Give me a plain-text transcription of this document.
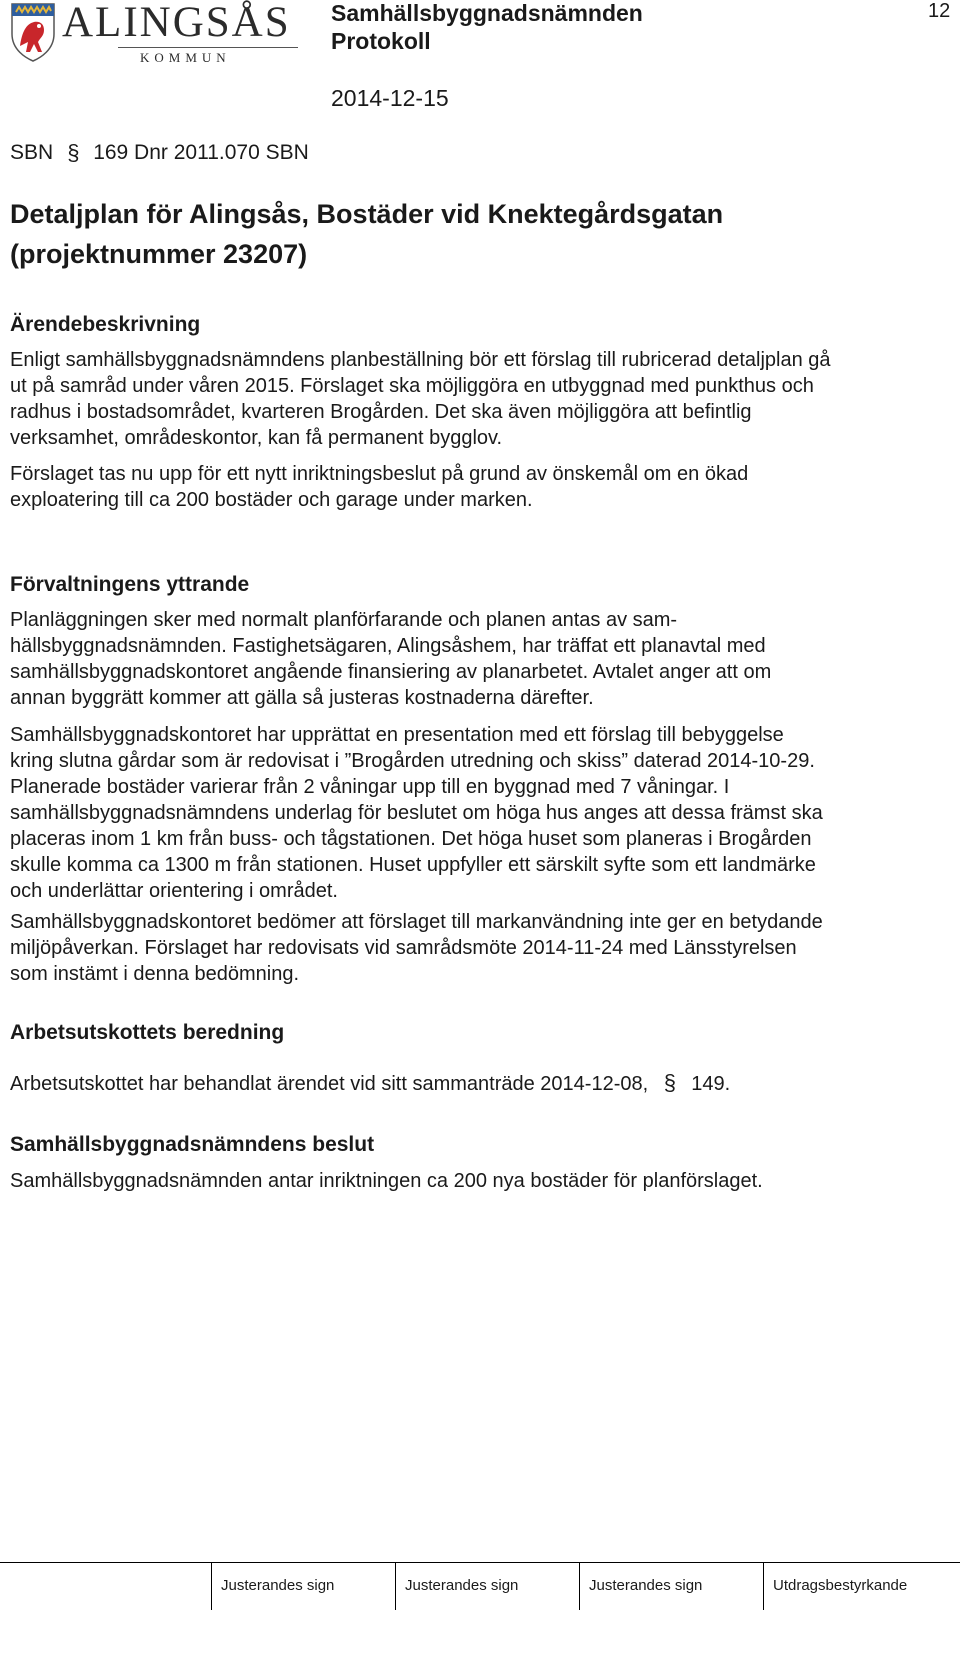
ALINGSÅS
KOMMUN
Samhällsbyggnadsnämnden
Protokoll
2014-12-15
12
SBN § 169 Dnr 2011.070 SBN
Detaljplan för Alingsås, Bostäder vid Knektegårdsgatan
(projektnummer 23207)
Ärendebeskrivning
Enligt samhällsbyggnadsnämndens planbeställning bör ett förslag till rubricerad detaljplan gå
ut på samråd under våren 2015. Förslaget ska möjliggöra en utbyggnad med punkthus och
radhus i bostadsområdet, kvarteren Brogården. Det ska även möjliggöra att befintlig
verksamhet, områdeskontor, kan få permanent bygglov.
Förslaget tas nu upp för ett nytt inriktningsbeslut på grund av önskemål om en ökad
exploatering till ca 200 bostäder och garage under marken.
Förvaltningens yttrande
Planläggningen sker med normalt planförfarande och planen antas av sam-
hällsbyggnadsnämnden. Fastighetsägaren, Alingsåshem, har träffat ett planavtal med
samhällsbyggnadskontoret angående finansiering av planarbetet. Avtalet anger att om
annan byggrätt kommer att gälla så justeras kostnaderna därefter.
Samhällsbyggnadskontoret har upprättat en presentation med ett förslag till bebyggelse
kring slutna gårdar som är redovisat i ”Brogården utredning och skiss” daterad 2014-10-29.
Planerade bostäder varierar från 2 våningar upp till en byggnad med 7 våningar. I
samhällsbyggnadsnämndens underlag för beslutet om höga hus anges att dessa främst ska
placeras inom 1 km från buss- och tågstationen. Det höga huset som planeras i Brogården
skulle komma ca 1300 m från stationen. Huset uppfyller ett särskilt syfte som ett landmärke
och underlättar orientering i området.
Samhällsbyggnadskontoret bedömer att förslaget till markanvändning inte ger en betydande
miljöpåverkan. Förslaget har redovisats vid samrådsmöte 2014-11-24 med Länsstyrelsen
som instämt i denna bedömning.
Arbetsutskottets beredning
Arbetsutskottet har behandlat ärendet vid sitt sammanträde 2014-12-08, § 149.
Samhällsbyggnadsnämndens beslut
Samhällsbyggnadsnämnden antar inriktningen ca 200 nya bostäder för planförslaget.
Justerandes sign	Justerandes sign	Justerandes sign	Utdragsbestyrkande
